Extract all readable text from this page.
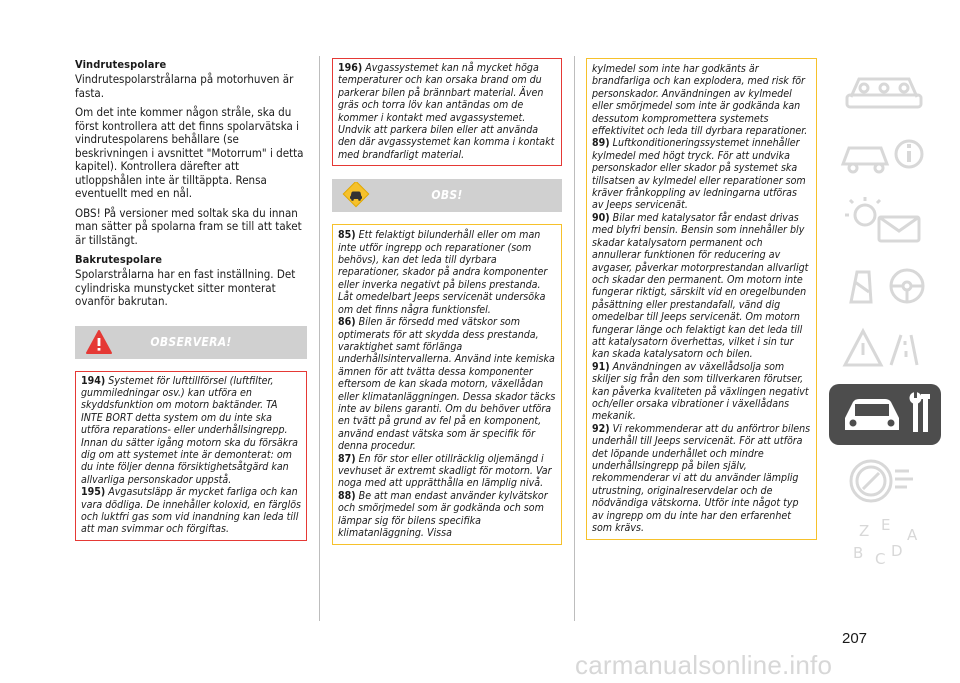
Vindrutespolare

Vindrutespolarstrålarna på motorhuven är fasta.

Om det inte kommer någon stråle, ska du först kontrollera att det finns spolarvätska i vindrutespolarens behållare (se beskrivningen i avsnittet "Motorrum" i detta kapitel). Kontrollera därefter att utloppshålen inte är tilltäppta. Rensa eventuellt med en nål.

OBS! På versioner med soltak ska du innan man sätter på spolarna fram se till att taket är tillstängt.

Bakrutespolare

Spolarstrålarna har en fast inställning. Det cylindriska munstycket sitter monterat ovanför bakrutan.

OBSERVERA!

194) Systemet för lufttillförsel (luftfilter, gummiledningar osv.) kan utföra en skyddsfunktion om motorn baktänder. TA INTE BORT detta system om du inte ska utföra reparations- eller underhållsingrepp. Innan du sätter igång motorn ska du försäkra dig om att systemet inte är demonterat: om du inte följer denna försiktighetsåtgärd kan allvarliga personskador uppstå.

195) Avgasutsläpp är mycket farliga och kan vara dödliga. De innehåller koloxid, en färglös och luktfri gas som vid inandning kan leda till att man svimmar och förgiftas.

196) Avgassystemet kan nå mycket höga temperaturer och kan orsaka brand om du parkerar bilen på brännbart material. Även gräs och torra löv kan antändas om de kommer i kontakt med avgassystemet. Undvik att parkera bilen eller att använda den där avgassystemet kan komma i kontakt med brandfarligt material.

OBS!

85) Ett felaktigt bilunderhåll eller om man inte utför ingrepp och reparationer (som behövs), kan det leda till dyrbara reparationer, skador på andra komponenter eller inverka negativt på bilens prestanda. Låt omedelbart Jeeps servicenät undersöka om det finns några funktionsfel.

86) Bilen är försedd med vätskor som optimerats för att skydda dess prestanda, varaktighet samt förlänga underhållsintervallerna. Använd inte kemiska ämnen för att tvätta dessa komponenter eftersom de kan skada motorn, växellådan eller klimatanläggningen. Dessa skador täcks inte av bilens garanti. Om du behöver utföra en tvätt på grund av fel på en komponent, använd endast vätska som är specifik för denna procedur.

87) En för stor eller otillräcklig oljemängd i vevhuset är extremt skadligt för motorn. Var noga med att upprätthålla en lämplig nivå.

88) Be att man endast använder kylvätskor och smörjmedel som är godkända och som lämpar sig för bilens specifika klimatanläggning. Vissa

kylmedel som inte har godkänts är brandfarliga och kan explodera, med risk för personskador. Användningen av kylmedel eller smörjmedel som inte är godkända kan dessutom kompromettera systemets effektivitet och leda till dyrbara reparationer.

89) Luftkonditioneringssystemet innehåller kylmedel med högt tryck. För att undvika personskador eller skador på systemet ska tillsatsen av kylmedel eller reparationer som kräver frånkoppling av ledningarna utföras av Jeeps servicenät.

90) Bilar med katalysator får endast drivas med blyfri bensin. Bensin som innehåller bly skadar katalysatorn permanent och annullerar funktionen för reducering av avgaser, påverkar motorprestandan allvarligt och skadar den permanent. Om motorn inte fungerar riktigt, särskilt vid en oregelbunden påsättning eller prestandafall, vänd dig omedelbar till Jeeps servicenät. Om motorn fungerar länge och felaktigt kan det leda till att katalysatorn överhettas, vilket i sin tur kan skada katalysatorn och bilen.

91) Användningen av växellådsolja som skiljer sig från den som tillverkaren förutser, kan påverka kvaliteten på växlingen negativt och/eller orsaka vibrationer i växellådans mekanik.

92) Vi rekommenderar att du anförtror bilens underhåll till Jeeps servicenät. För att utföra det löpande underhållet och mindre underhållsingrepp på bilen själv, rekommenderar vi att du använder lämplig utrustning, originalreservdelar och de nödvändiga vätskorna. Utför inte något typ av ingrepp om du inte har den erfarenhet som krävs.	Z E
B C D
A
207
carmanualsonline.info
